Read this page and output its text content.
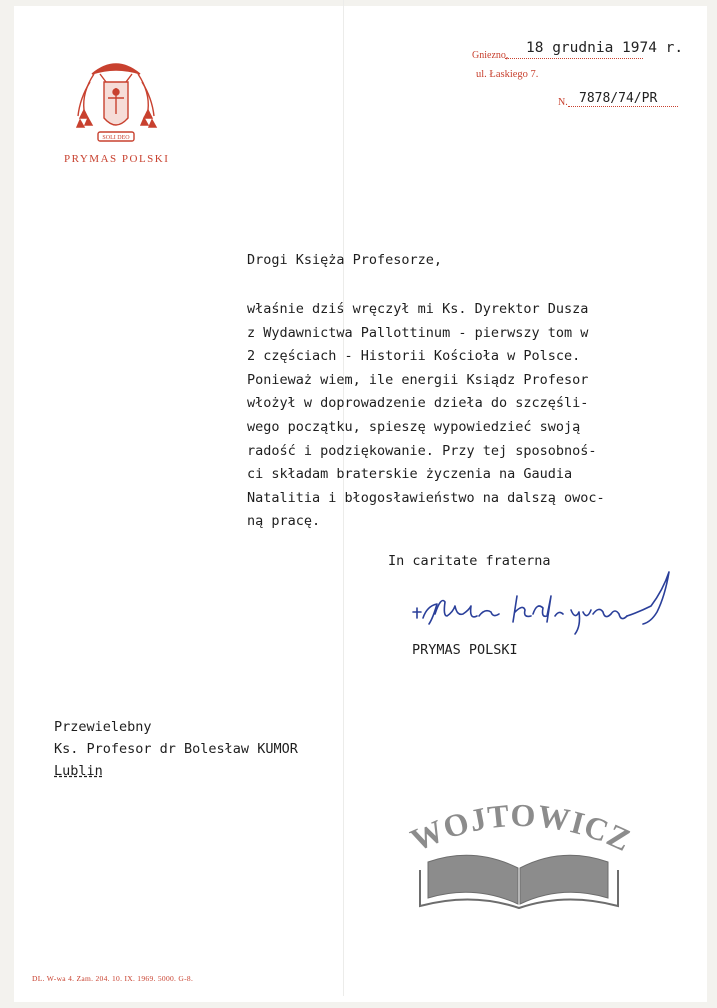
SOLI DEO
PRYMAS POLSKI
Gniezno, 18 grudnia 1974 r.
ul. Łaskiego 7.
N. 7878/74/PR
Drogi Księża Profesorze,
właśnie dziś wręczył mi Ks. Dyrektor Dusza
z Wydawnictwa Pallottinum - pierwszy tom w
2 częściach - Historii Kościoła w Polsce.
Ponieważ wiem, ile energii Ksiądz Profesor
włożył w doprowadzenie dzieła do szczęśli-
wego początku, spieszę wypowiedzieć swoją
radość i podziękowanie. Przy tej sposobnoś-
ci składam braterskie życzenia na Gaudia
Natalitia i błogosławieństwo na dalszą owoc-
ną pracę.
In caritate fraterna
PRYMAS POLSKI
Przewielebny
Ks. Profesor dr Bolesław KUMOR
Lublin
WOJTOWICZ
DL. W-wa 4. Zam. 204. 10. IX. 1969. 5000. G-8.
